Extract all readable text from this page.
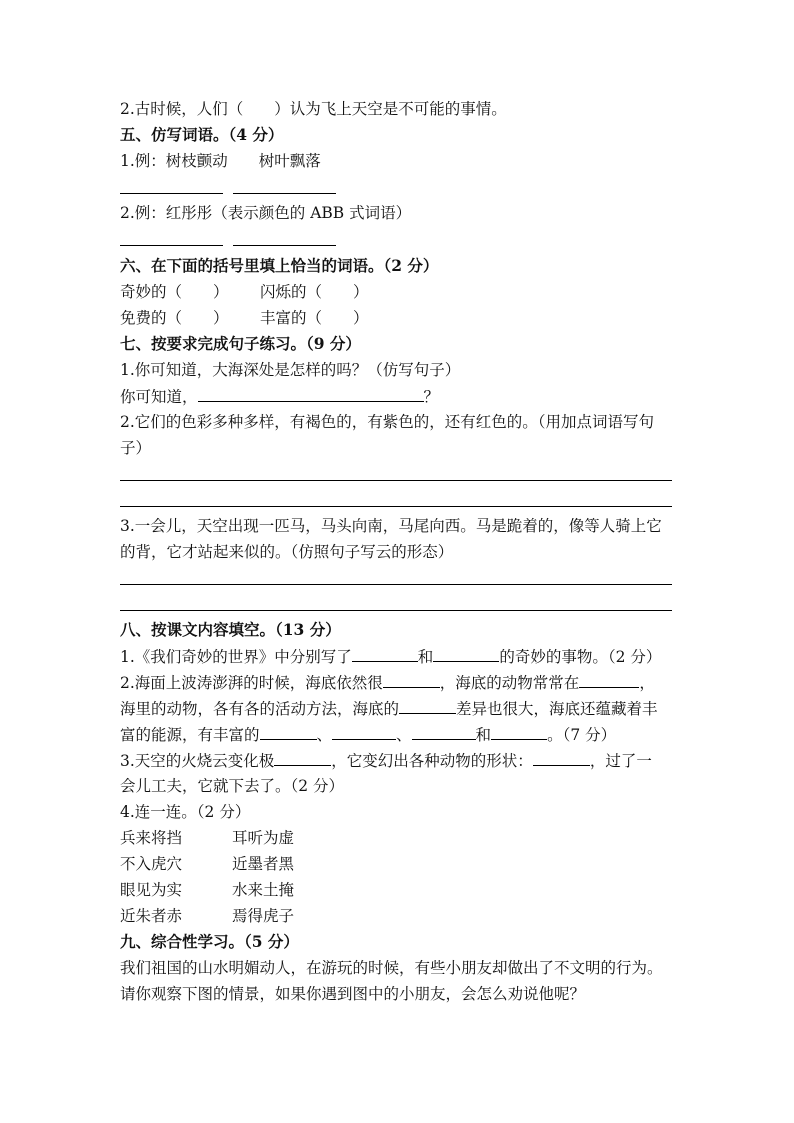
2.古时候，人们（　　）认为飞上天空是不可能的事情。
五、仿写词语。（4 分）
1.例：树枝颤动　　树叶飘落
2.例：红彤彤（表示颜色的 ABB 式词语）
六、在下面的括号里填上恰当的词语。（2 分）
奇妙的（　　） 闪烁的（　　）
免费的（　　） 丰富的（　　）
七、按要求完成句子练习。（9 分）
1.你可知道，大海深处是怎样的吗？（仿写句子）
你可知道，	？
2.它们的色彩多种多样，有褐色的，有紫色的，还有红色的。（用加点词语写句
子）
3.一会儿，天空出现一匹马，马头向南，马尾向西。马是跪着的，像等人骑上它
的背，它才站起来似的。（仿照句子写云的形态）
八、按课文内容填空。（13 分）
1.《我们奇妙的世界》中分别写了	和	的奇妙的事物。（2 分）
2.海面上波涛澎湃的时候，海底依然很	，海底的动物常常在	，
海里的动物，各有各的活动方法，海底的	差异也很大，海底还蕴藏着丰
富的能源，有丰富的	、	、	和	。（7 分）
3.天空的火烧云变化极	，它变幻出各种动物的形状：	，过了一
会儿工夫，它就下去了。（2 分）
4.连一连。（2 分）
兵来将挡	耳听为虚
不入虎穴	近墨者黑
眼见为实	水来土掩
近朱者赤	焉得虎子
九、综合性学习。（5 分）
我们祖国的山水明媚动人，在游玩的时候，有些小朋友却做出了不文明的行为。
请你观察下图的情景，如果你遇到图中的小朋友，会怎么劝说他呢？
